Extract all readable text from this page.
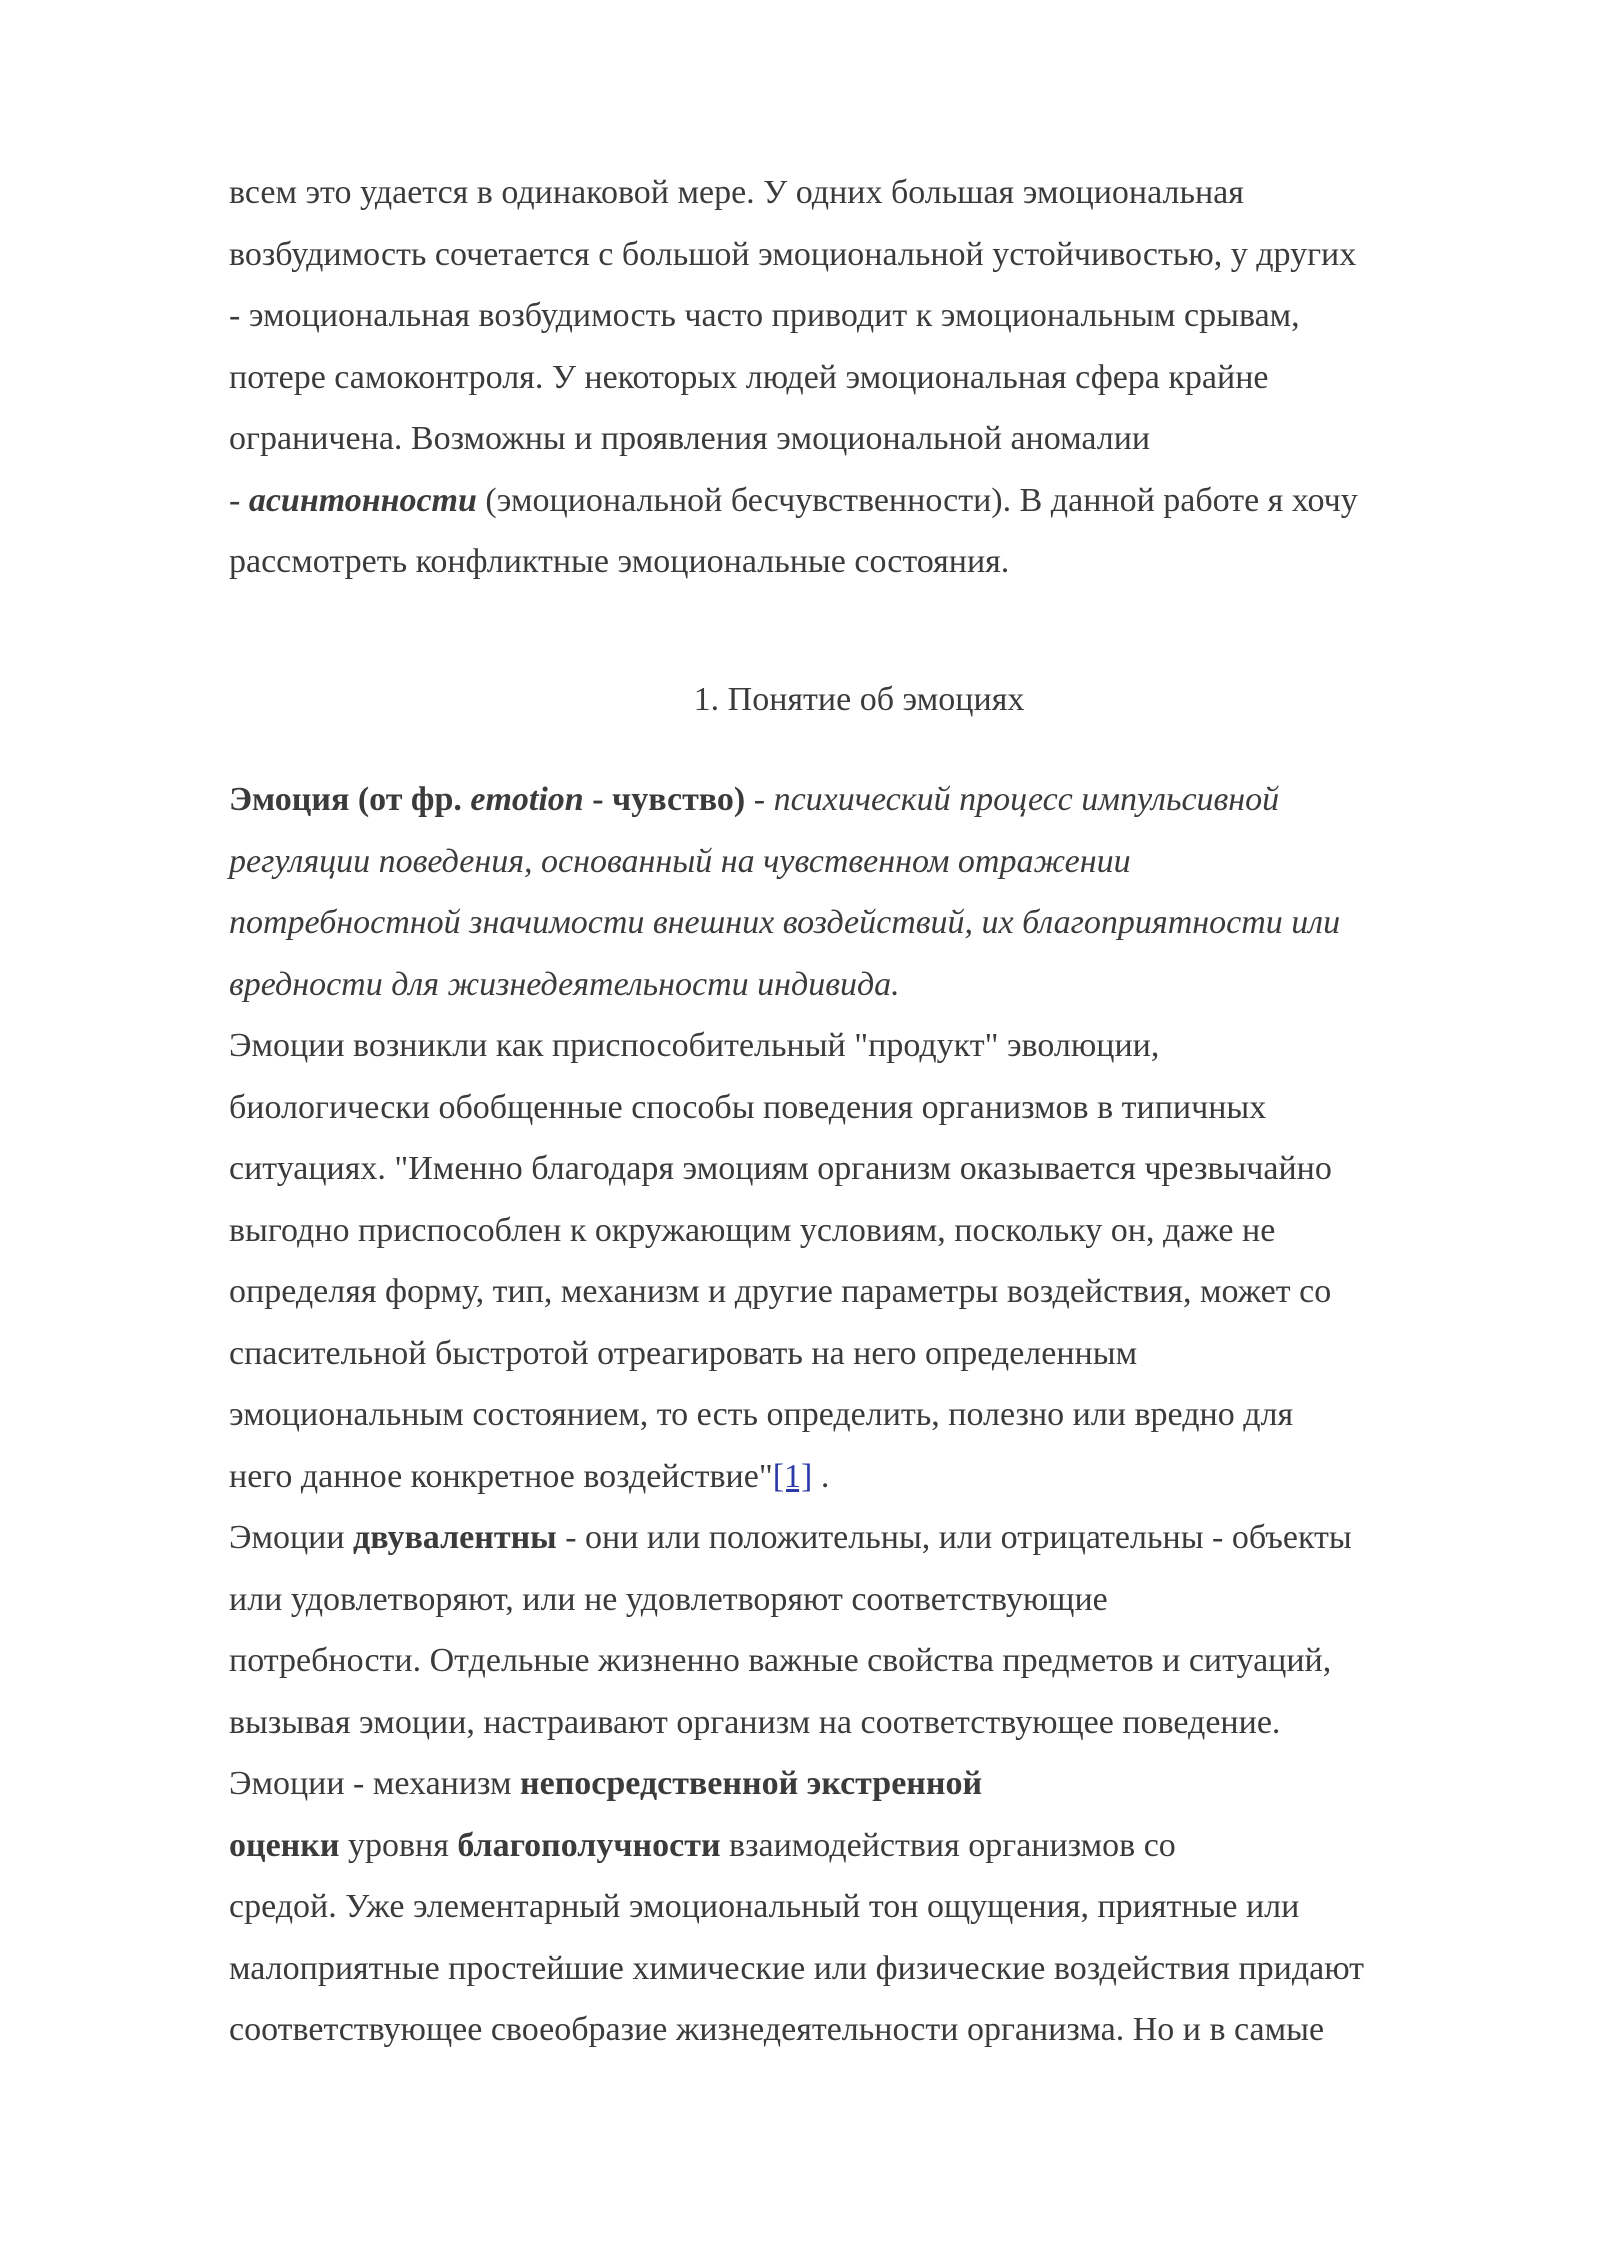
всем это удается в одинаковой мере. У одних большая эмоциональная
возбудимость сочетается с большой эмоциональной устойчивостью, у других
- эмоциональная возбудимость часто приводит к эмоциональным срывам,
потере самоконтроля. У некоторых людей эмоциональная сфера крайне
ограничена. Возможны и проявления эмоциональной аномалии
- асинтонности (эмоциональной бесчувственности). В данной работе я хочу
рассмотреть конфликтные эмоциональные состояния.
1. Понятие об эмоциях
Эмоция (от фр. emotion - чувство) - психический процесс импульсивной
регуляции поведения, основанный на чувственном отражении
потребностной значимости внешних воздействий, их благоприятности или
вредности для жизнедеятельности индивида.
Эмоции возникли как приспособительный "продукт" эволюции,
биологически обобщенные способы поведения организмов в типичных
ситуациях. "Именно благодаря эмоциям организм оказывается чрезвычайно
выгодно приспособлен к окружающим условиям, поскольку он, даже не
определяя форму, тип, механизм и другие параметры воздействия, может со
спасительной быстротой отреагировать на него определенным
эмоциональным состоянием, то есть определить, полезно или вредно для
него данное конкретное воздействие"[1] .
Эмоции двувалентны - они или положительны, или отрицательны - объекты
или удовлетворяют, или не удовлетворяют соответствующие
потребности. Отдельные жизненно важные свойства предметов и ситуаций,
вызывая эмоции, настраивают организм на соответствующее поведение.
Эмоции - механизм непосредственной экстренной
оценки уровня благополучности взаимодействия организмов со
средой. Уже элементарный эмоциональный тон ощущения, приятные или
малоприятные простейшие химические или физические воздействия придают
соответствующее своеобразие жизнедеятельности организма. Но и в самые
